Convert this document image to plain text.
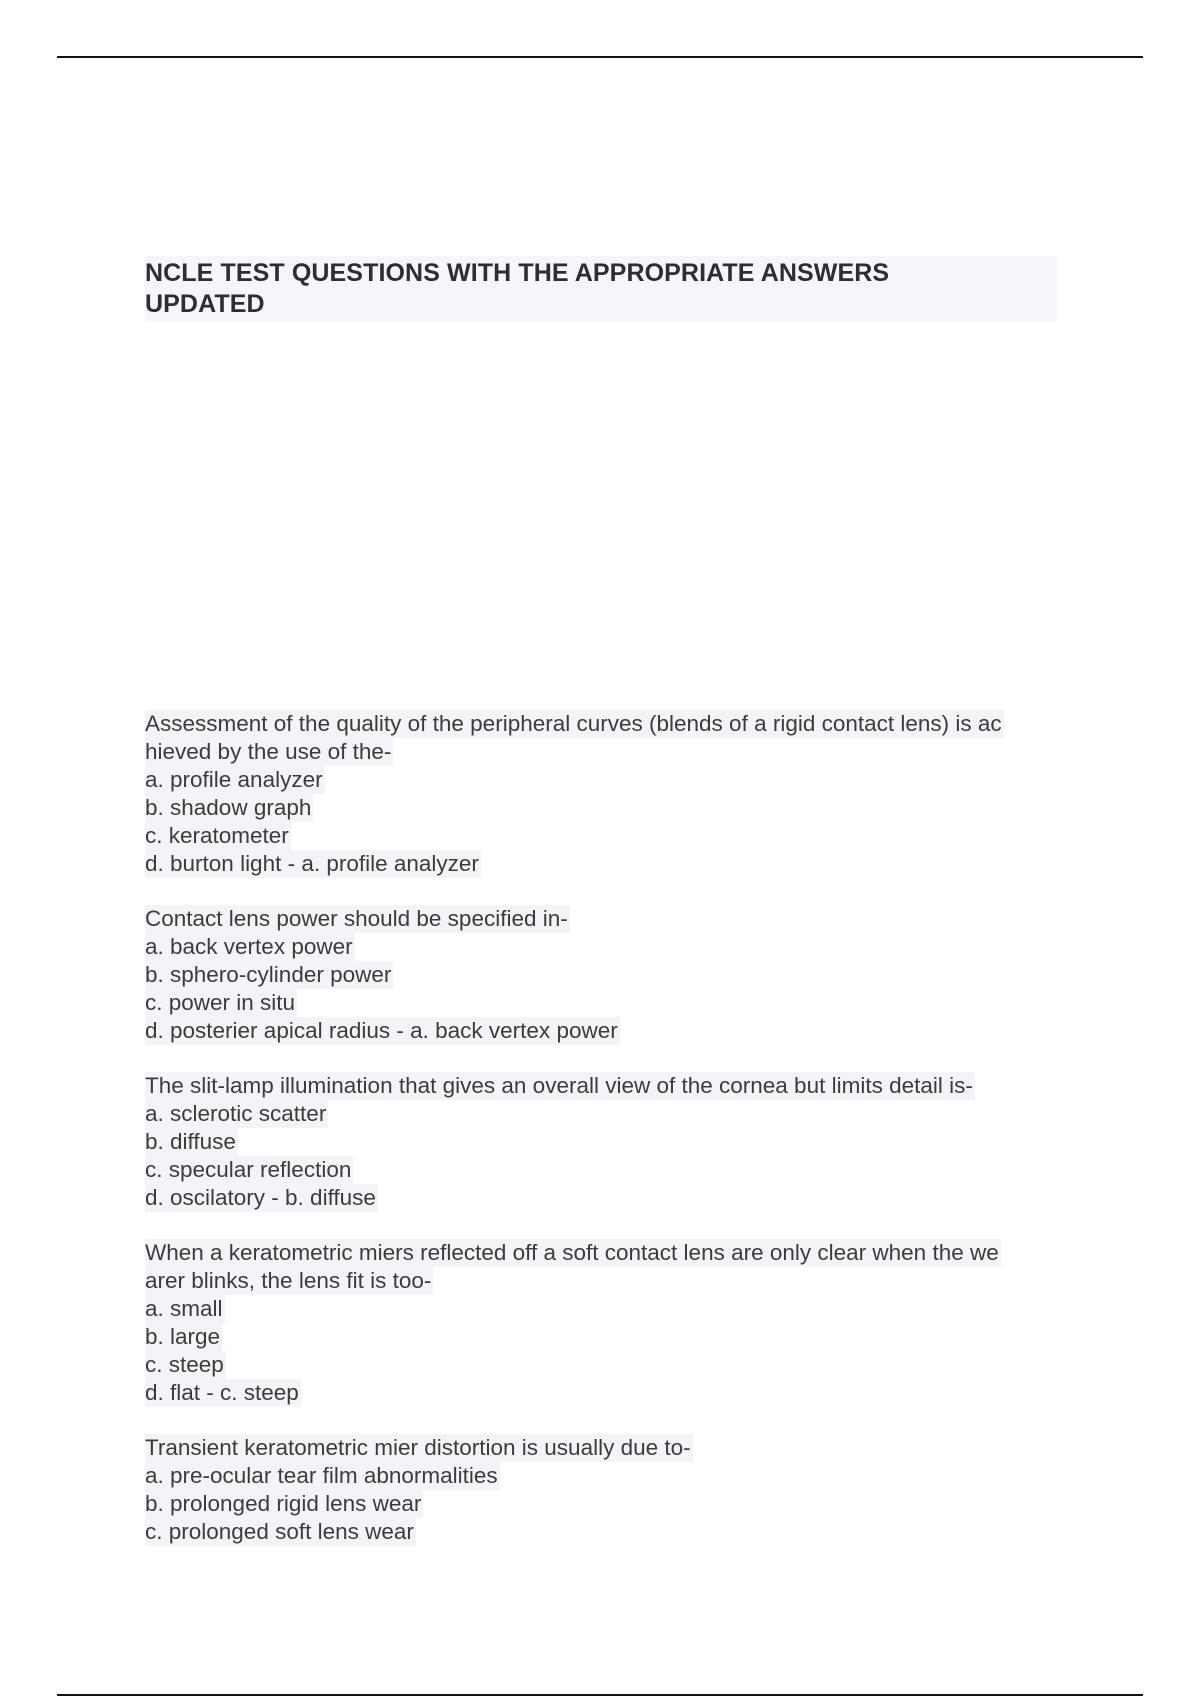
NCLE TEST QUESTIONS WITH THE APPROPRIATE ANSWERS
UPDATED
Assessment of the quality of the peripheral curves (blends of a rigid contact lens) is ac
hieved by the use of the-
a. profile analyzer
b. shadow graph
c. keratometer
d. burton light - a. profile analyzer
Contact lens power should be specified in-
a. back vertex power
b. sphero-cylinder power
c. power in situ
d. posterier apical radius - a. back vertex power
The slit-lamp illumination that gives an overall view of the cornea but limits detail is-
a. sclerotic scatter
b. diffuse
c. specular reflection
d. oscilatory - b. diffuse
When a keratometric miers reflected off a soft contact lens are only clear when the we
arer blinks, the lens fit is too-
a. small
b. large
c. steep
d. flat - c. steep
Transient keratometric mier distortion is usually due to-
a. pre-ocular tear film abnormalities
b. prolonged rigid lens wear
c. prolonged soft lens wear
